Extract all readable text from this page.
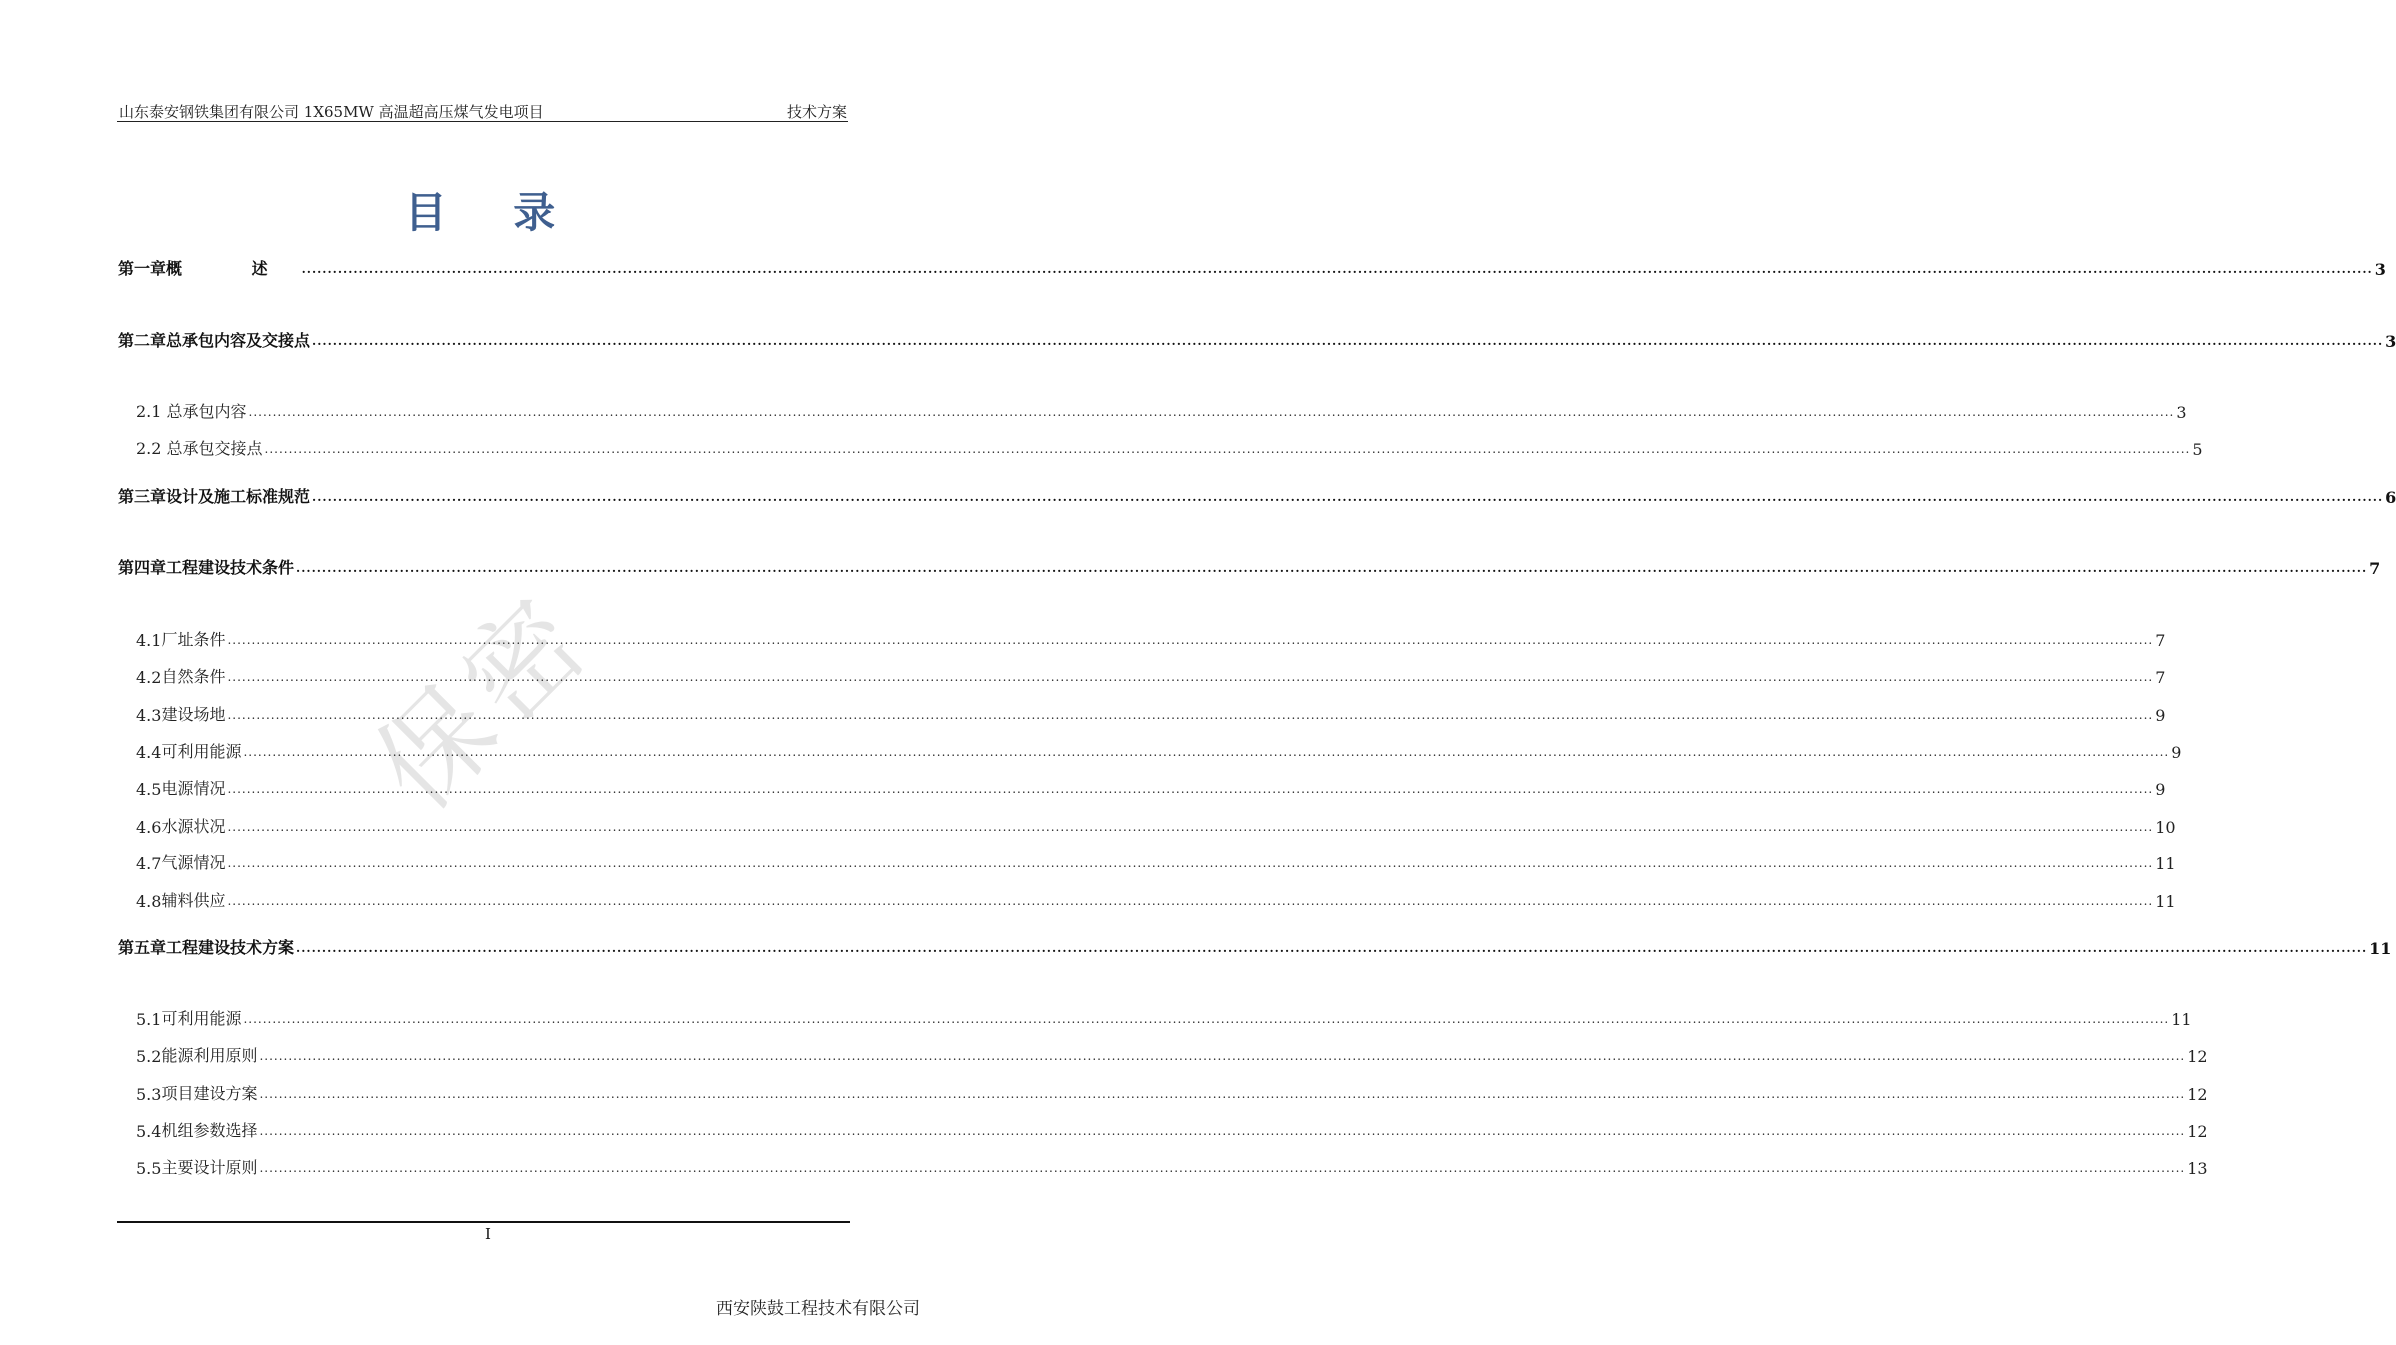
山东泰安钢铁集团有限公司 1X65MW 高温超高压煤气发电项目	技术方案
目 录
保密
第一章 概 述 ................................................................................................................................................................................................................................................................................................................................................................................................................ 3
第二章 总承包内容及交接点 ................................................................................................................................................................................................................................................................................................................................................................................................................ 3
2.1 总承包内容 ................................................................................................................................................................................................................................................................................................................................................................................................................ 3
2.2 总承包交接点 ................................................................................................................................................................................................................................................................................................................................................................................................................ 5
第三章 设计及施工标准规范 ................................................................................................................................................................................................................................................................................................................................................................................................................ 6
第四章 工程建设技术条件 ................................................................................................................................................................................................................................................................................................................................................................................................................ 7
4.1 厂址条件 ................................................................................................................................................................................................................................................................................................................................................................................................................ 7
4.2 自然条件 ................................................................................................................................................................................................................................................................................................................................................................................................................ 7
4.3 建设场地 ................................................................................................................................................................................................................................................................................................................................................................................................................ 9
4.4 可利用能源 ................................................................................................................................................................................................................................................................................................................................................................................................................ 9
4.5 电源情况 ................................................................................................................................................................................................................................................................................................................................................................................................................ 9
4.6 水源状况 ................................................................................................................................................................................................................................................................................................................................................................................................................ 10
4.7 气源情况 ................................................................................................................................................................................................................................................................................................................................................................................................................ 11
4.8 辅料供应 ................................................................................................................................................................................................................................................................................................................................................................................................................ 11
第五章 工程建设技术方案 ................................................................................................................................................................................................................................................................................................................................................................................................................ 11
5.1 可利用能源 ................................................................................................................................................................................................................................................................................................................................................................................................................ 11
5.2 能源利用原则 ................................................................................................................................................................................................................................................................................................................................................................................................................ 12
5.3 项目建设方案 ................................................................................................................................................................................................................................................................................................................................................................................................................ 12
5.4 机组参数选择 ................................................................................................................................................................................................................................................................................................................................................................................................................ 12
5.5 主要设计原则 ................................................................................................................................................................................................................................................................................................................................................................................................................ 13
I
西安陕鼓工程技术有限公司
